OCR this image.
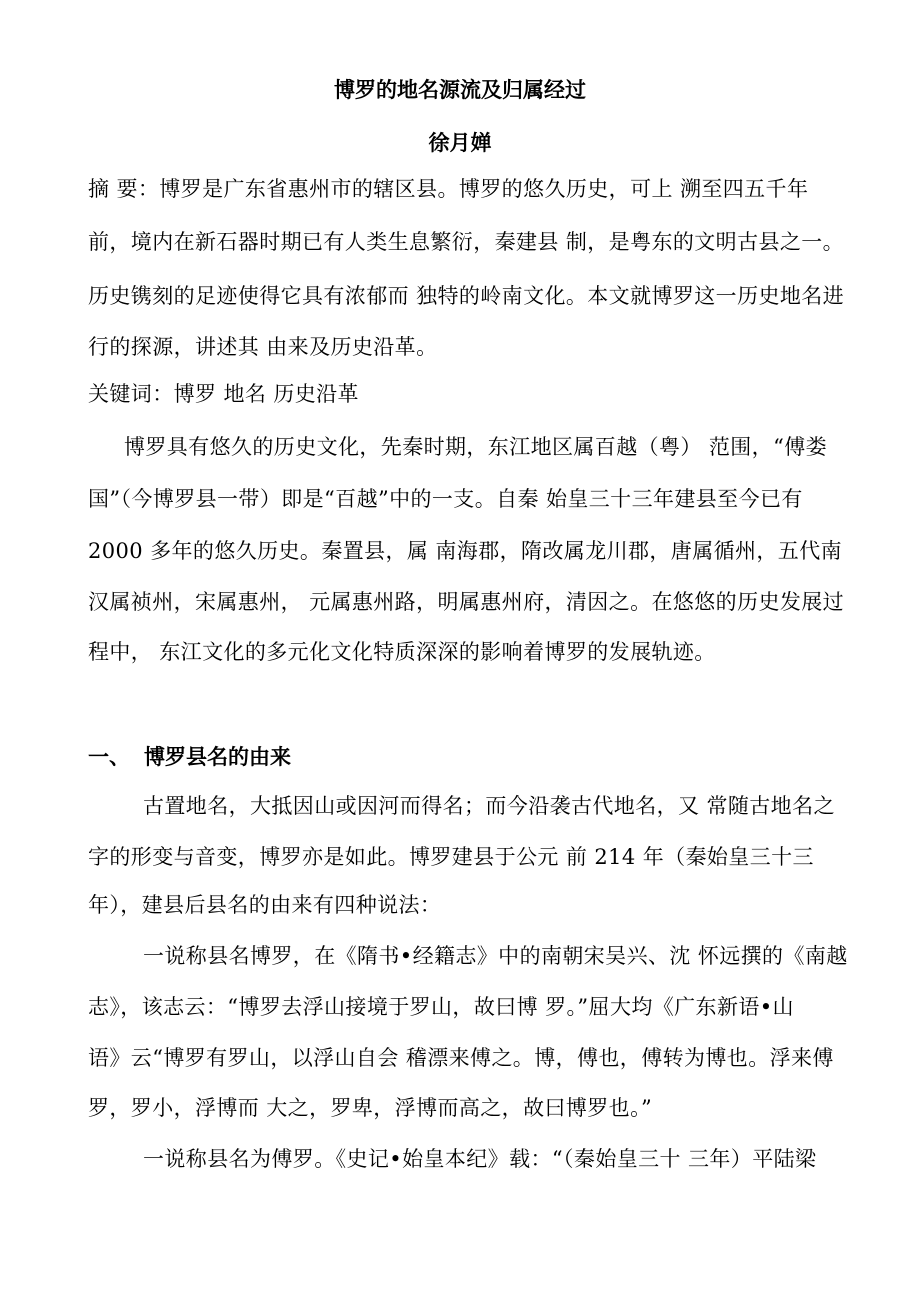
博罗的地名源流及归属经过
徐月婵
摘 要：博罗是广东省惠州市的辖区县。博罗的悠久历史，可上 溯至四五千年
前，境内在新石器时期已有人类生息繁衍，秦建县 制，是粤东的文明古县之一。
历史镌刻的足迹使得它具有浓郁而 独特的岭南文化。本文就博罗这一历史地名进
行的探源，讲述其 由来及历史沿革。
关键词：博罗 地名 历史沿革
博罗具有悠久的历史文化，先秦时期，东江地区属百越（粤） 范围，“傅娄
国”（今博罗县一带）即是“百越”中的一支。自秦 始皇三十三年建县至今已有
2000 多年的悠久历史。秦置县，属 南海郡，隋改属龙川郡，唐属循州，五代南
汉属祯州，宋属惠州， 元属惠州路，明属惠州府，清因之。在悠悠的历史发展过
程中， 东江文化的多元化文化特质深深的影响着博罗的发展轨迹。
一、 博罗县名的由来
古置地名，大抵因山或因河而得名；而今沿袭古代地名，又 常随古地名之
字的形变与音变，博罗亦是如此。博罗建县于公元 前 214 年（秦始皇三十三
年），建县后县名的由来有四种说法：
一说称县名博罗，在《隋书•经籍志》中的南朝宋吴兴、沈 怀远撰的《南越
志》，该志云：“博罗去浮山接境于罗山，故曰博 罗。”屈大均《广东新语•山
语》云“博罗有罗山，以浮山自会 稽漂来傅之。博，傅也，傅转为博也。浮来傅
罗，罗小，浮博而 大之，罗卑，浮博而高之，故曰博罗也。”
一说称县名为傅罗。《史记•始皇本纪》载：“（秦始皇三十 三年）平陆梁
